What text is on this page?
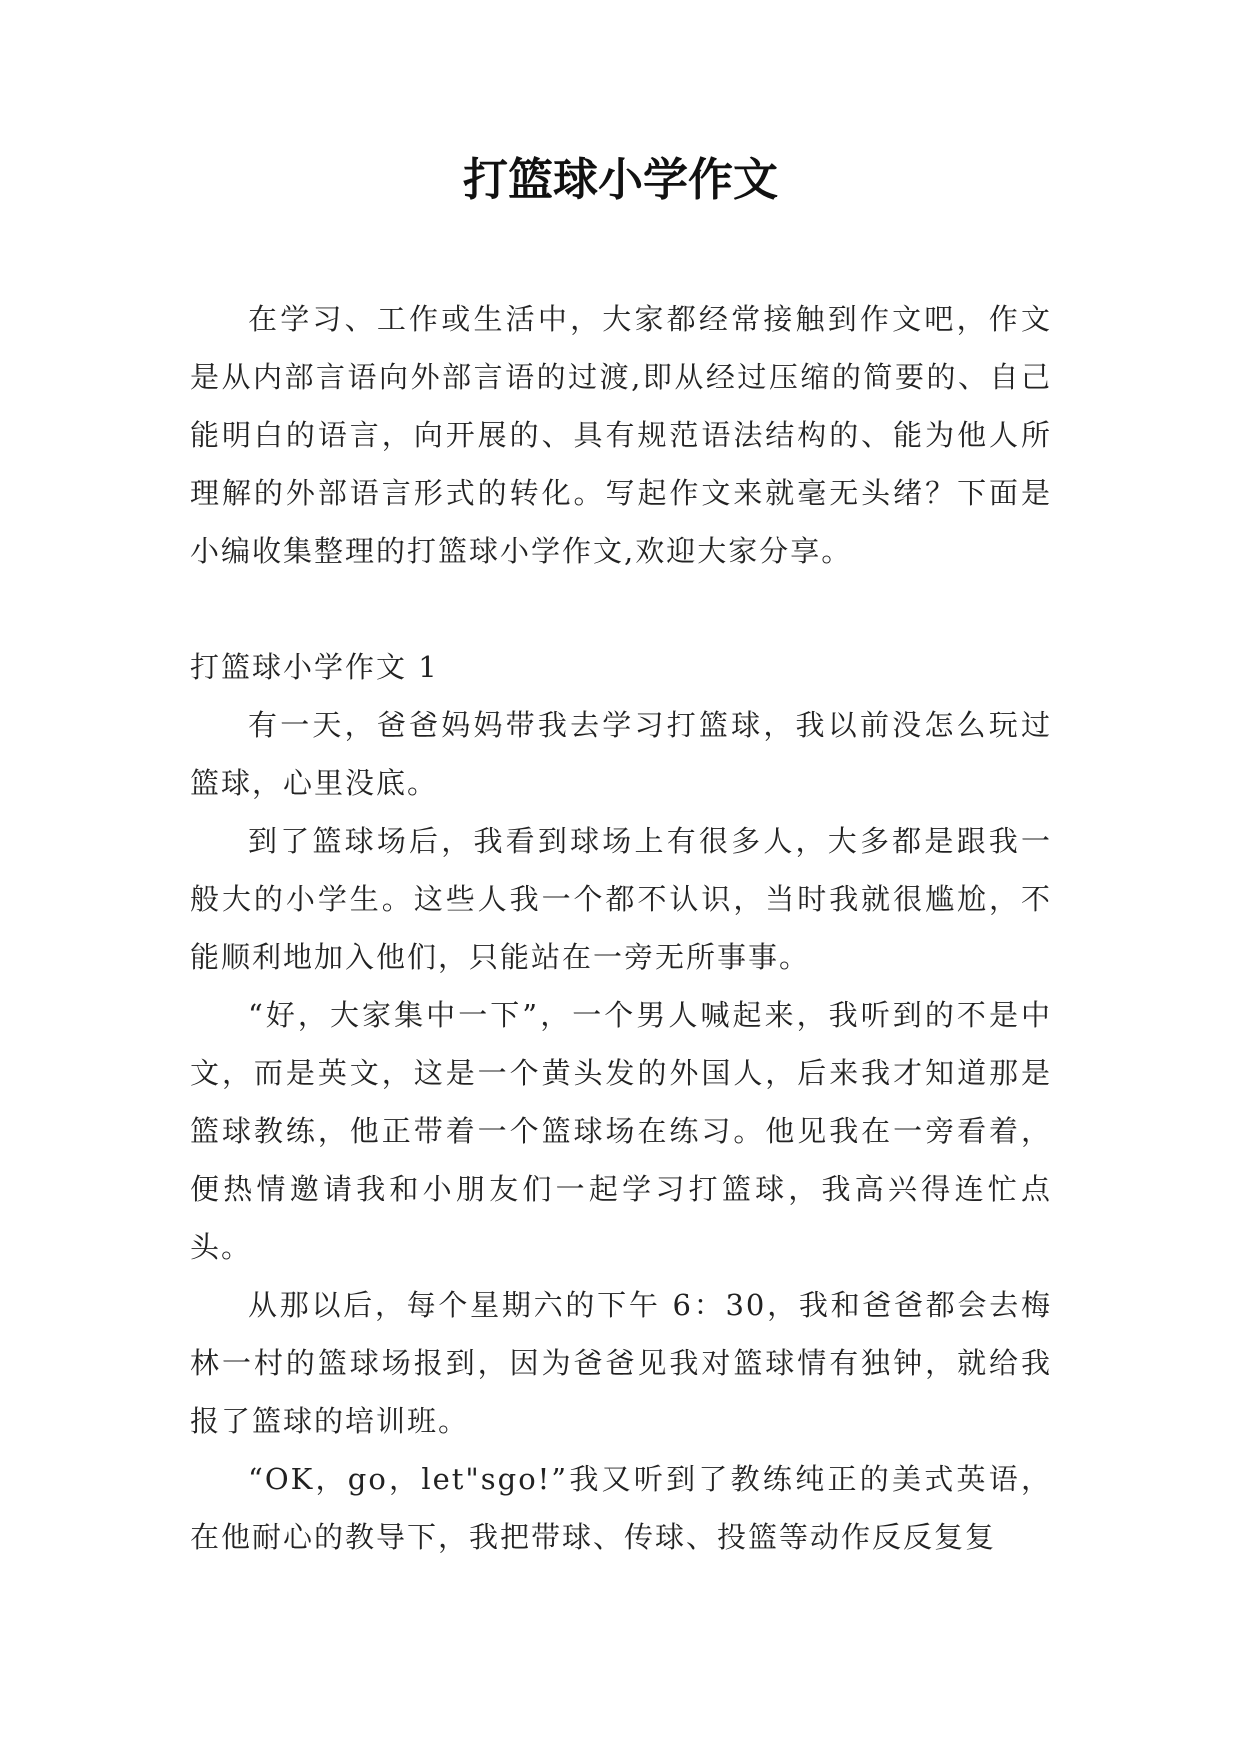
打篮球小学作文

在学习、工作或生活中，大家都经常接触到作文吧，作文是从内部言语向外部言语的过渡,即从经过压缩的简要的、自己能明白的语言，向开展的、具有规范语法结构的、能为他人所理解的外部语言形式的转化。写起作文来就毫无头绪？下面是小编收集整理的打篮球小学作文,欢迎大家分享。

打篮球小学作文 1

有一天，爸爸妈妈带我去学习打篮球，我以前没怎么玩过篮球，心里没底。

到了篮球场后，我看到球场上有很多人，大多都是跟我一般大的小学生。这些人我一个都不认识，当时我就很尴尬，不能顺利地加入他们，只能站在一旁无所事事。

“好，大家集中一下”，一个男人喊起来，我听到的不是中文，而是英文，这是一个黄头发的外国人，后来我才知道那是篮球教练，他正带着一个篮球场在练习。他见我在一旁看着，便热情邀请我和小朋友们一起学习打篮球，我高兴得连忙点头。

从那以后，每个星期六的下午 6：30，我和爸爸都会去梅林一村的篮球场报到，因为爸爸见我对篮球情有独钟，就给我报了篮球的培训班。

“OK，go，let"sgo!”我又听到了教练纯正的美式英语，在他耐心的教导下，我把带球、传球、投篮等动作反反复复
